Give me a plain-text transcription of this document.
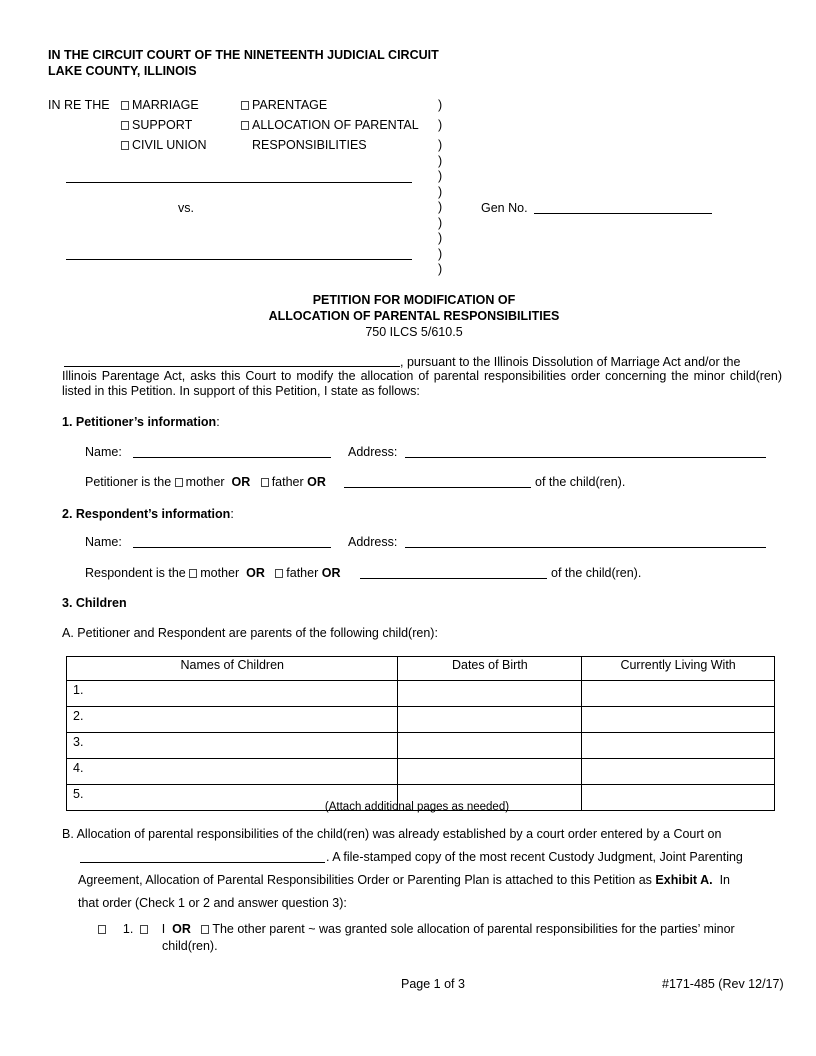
IN THE CIRCUIT COURT OF THE NINETEENTH JUDICIAL CIRCUIT
LAKE COUNTY, ILLINOIS
IN RE THE	MARRIAGE
SUPPORT
CIVIL UNION
PARENTAGE
ALLOCATION OF PARENTAL
RESPONSIBILITIES
)
)
)
)
)
)
)
)
)
)
)
vs.	Gen No.
PETITION FOR MODIFICATION OF
ALLOCATION OF PARENTAL RESPONSIBILITIES
750 ILCS 5/610.5
, pursuant to the Illinois Dissolution of Marriage Act and/or the
Illinois Parentage Act, asks this Court to modify the allocation of parental responsibilities order concerning the minor child(ren) listed in this Petition. In support of this Petition, I state as follows:
1. Petitioner’s information:
Name:	Address:
Petitioner is the mother OR father OR	of the child(ren).
2. Respondent’s information:
Name:	Address:
Respondent is the mother OR father OR	of the child(ren).
3. Children
A. Petitioner and Respondent are parents of the following child(ren):
Names of Children	Dates of Birth	Currently Living With
1.		
2.		
3.		
4.		
5.		
(Attach additional pages as needed)
B. Allocation of parental responsibilities of the child(ren) was already established by a court order entered by a Court on
. A file-stamped copy of the most recent Custody Judgment, Joint Parenting
Agreement, Allocation of Parental Responsibilities Order or Parenting Plan is attached to this Petition as Exhibit A. In
that order (Check 1 or 2 and answer question 3):
1. I OR The other parent ~ was granted sole allocation of parental responsibilities for the parties’ minor
child(ren).
Page 1 of 3	#171-485 (Rev 12/17)
